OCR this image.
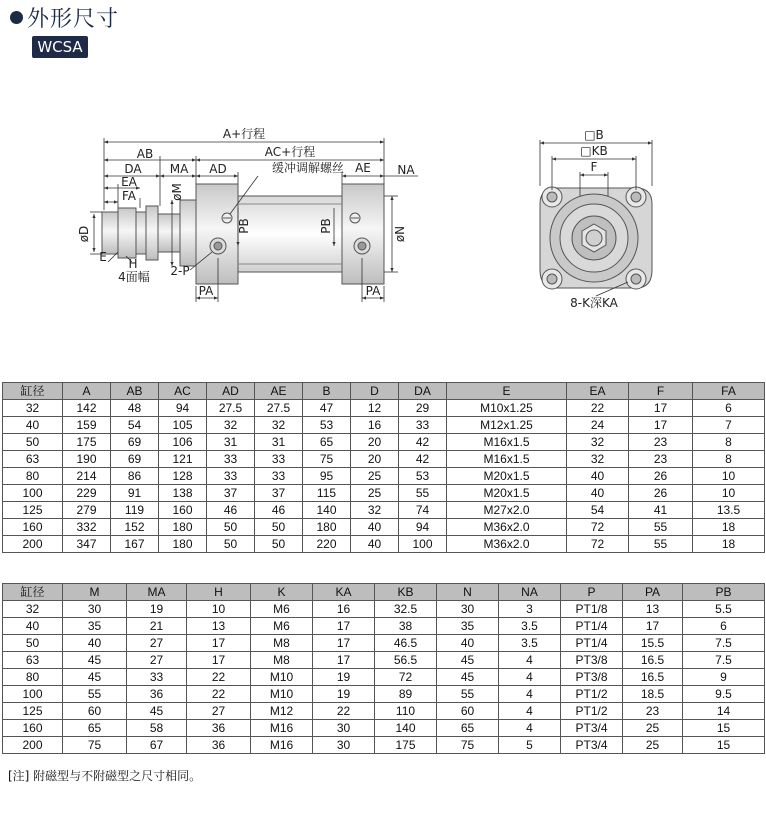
外形尺寸
WCSA
A+行程
AB	AC+行程
DA MA AD	缓冲调解螺丝 AE NA
EA
FA	øM
øD	øN
PB	PB
E H
4面幅 2-P
PA	PA
□B
□KB
F
8-K深KA
缸径	A	AB	AC	AD	AE	B	D	DA	E	EA	F	FA
32	142	48	94	27.5	27.5	47	12	29	M10x1.25	22	17	6
40	159	54	105	32	32	53	16	33	M12x1.25	24	17	7
50	175	69	106	31	31	65	20	42	M16x1.5	32	23	8
63	190	69	121	33	33	75	20	42	M16x1.5	32	23	8
80	214	86	128	33	33	95	25	53	M20x1.5	40	26	10
100	229	91	138	37	37	115	25	55	M20x1.5	40	26	10
125	279	119	160	46	46	140	32	74	M27x2.0	54	41	13.5
160	332	152	180	50	50	180	40	94	M36x2.0	72	55	18
200	347	167	180	50	50	220	40	100	M36x2.0	72	55	18
缸径	M	MA	H	K	KA	KB	N	NA	P	PA	PB
32	30	19	10	M6	16	32.5	30	3	PT1/8	13	5.5
40	35	21	13	M6	17	38	35	3.5	PT1/4	17	6
50	40	27	17	M8	17	46.5	40	3.5	PT1/4	15.5	7.5
63	45	27	17	M8	17	56.5	45	4	PT3/8	16.5	7.5
80	45	33	22	M10	19	72	45	4	PT3/8	16.5	9
100	55	36	22	M10	19	89	55	4	PT1/2	18.5	9.5
125	60	45	27	M12	22	110	60	4	PT1/2	23	14
160	65	58	36	M16	30	140	65	4	PT3/4	25	15
200	75	67	36	M16	30	175	75	5	PT3/4	25	15
[注] 附磁型与不附磁型之尺寸相同。
